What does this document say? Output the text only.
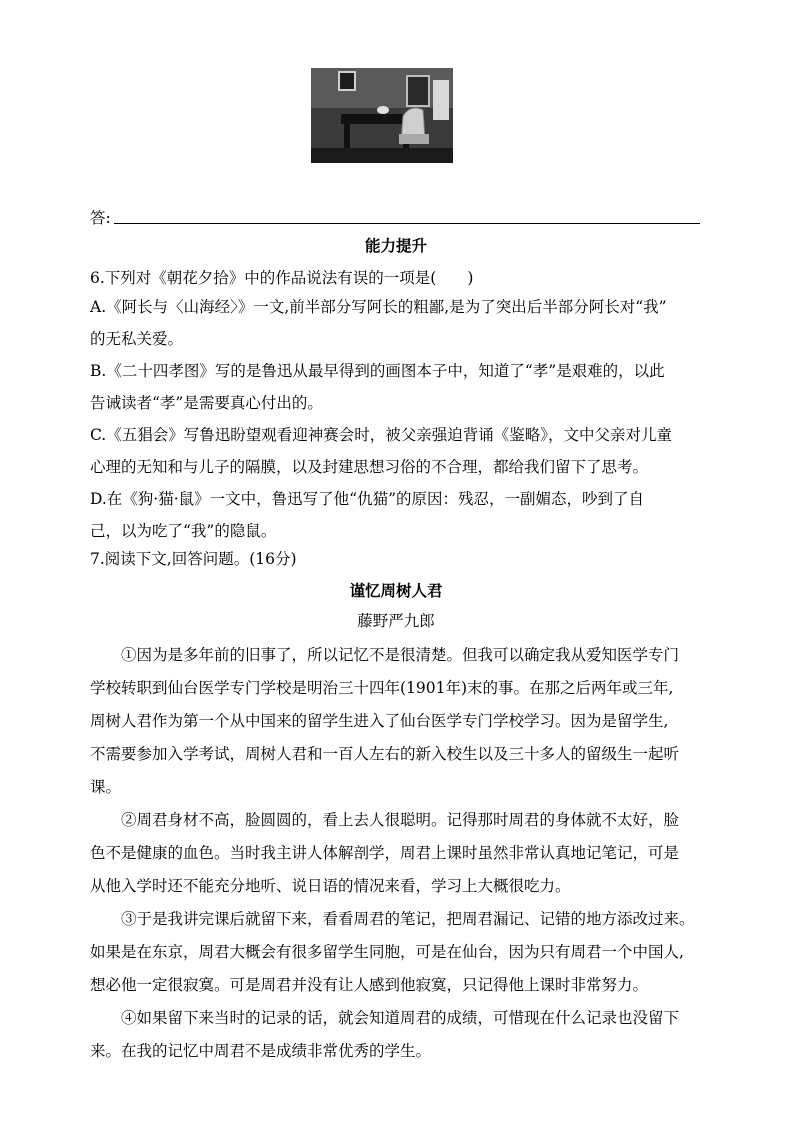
答:
能力提升
6.下列对《朝花夕拾》中的作品说法有误的一项是(　　)
A.《阿长与〈山海经〉》一文,前半部分写阿长的粗鄙,是为了突出后半部分阿长对“我”
的无私关爱。
B.《二十四孝图》写的是鲁迅从最早得到的画图本子中，知道了“孝”是艰难的，以此
告诫读者“孝”是需要真心付出的。
C.《五猖会》写鲁迅盼望观看迎神赛会时，被父亲强迫背诵《鉴略》，文中父亲对儿童
心理的无知和与儿子的隔膜，以及封建思想习俗的不合理，都给我们留下了思考。
D.在《狗·猫·鼠》一文中，鲁迅写了他“仇猫”的原因：残忍，一副媚态，吵到了自
己，以为吃了“我”的隐鼠。
7.阅读下文,回答问题。(16分)
谨忆周树人君
藤野严九郎
①因为是多年前的旧事了，所以记忆不是很清楚。但我可以确定我从爱知医学专门
学校转职到仙台医学专门学校是明治三十四年(1901年)末的事。在那之后两年或三年,
周树人君作为第一个从中国来的留学生进入了仙台医学专门学校学习。因为是留学生,
不需要参加入学考试，周树人君和一百人左右的新入校生以及三十多人的留级生一起听
课。
②周君身材不高，脸圆圆的，看上去人很聪明。记得那时周君的身体就不太好，脸
色不是健康的血色。当时我主讲人体解剖学，周君上课时虽然非常认真地记笔记，可是
从他入学时还不能充分地听、说日语的情况来看，学习上大概很吃力。
③于是我讲完课后就留下来，看看周君的笔记，把周君漏记、记错的地方添改过来。
如果是在东京，周君大概会有很多留学生同胞，可是在仙台，因为只有周君一个中国人,
想必他一定很寂寞。可是周君并没有让人感到他寂寞，只记得他上课时非常努力。
④如果留下来当时的记录的话，就会知道周君的成绩，可惜现在什么记录也没留下
来。在我的记忆中周君不是成绩非常优秀的学生。
